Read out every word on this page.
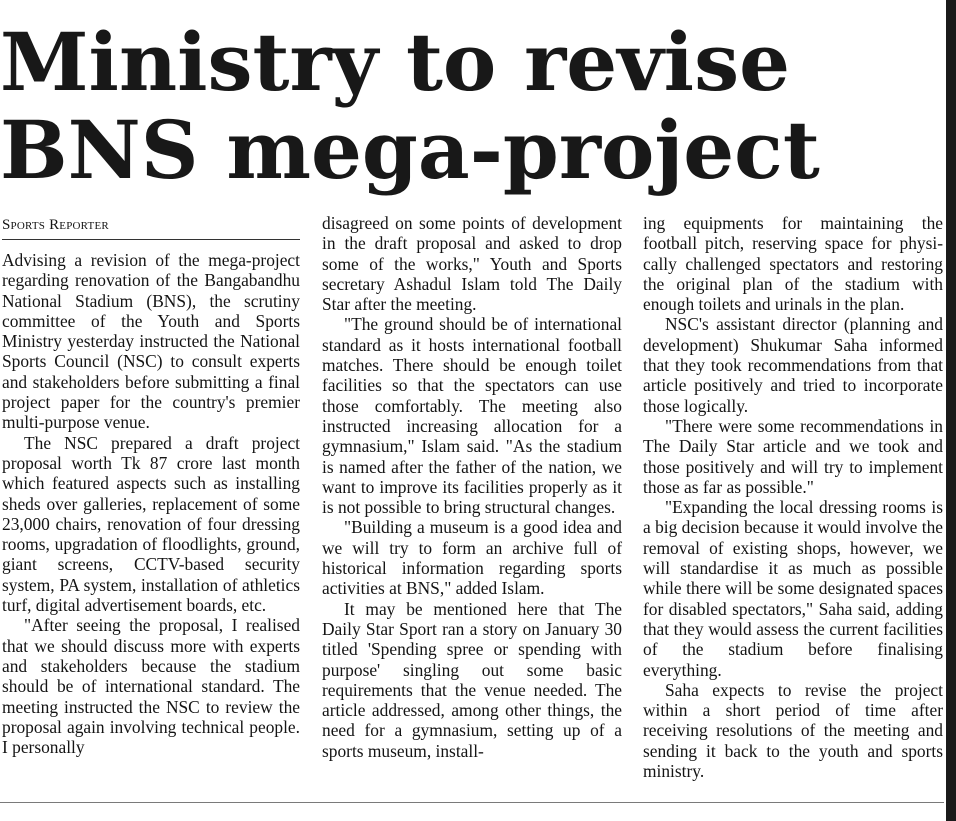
Ministry to revise
BNS mega-project
Sports Reporter

Advising a revision of the mega-project regarding renovation of the Bangabandhu National Stadium (BNS), the scrutiny committee of the Youth and Sports Ministry yesterday instructed the National Sports Council (NSC) to consult experts and stakeholders before submitting a final project paper for the country's premier multi-purpose venue.

The NSC prepared a draft project proposal worth Tk 87 crore last month which featured aspects such as installing sheds over galleries, replacement of some 23,000 chairs, renovation of four dressing rooms, upgradation of floodlights, ground, giant screens, CCTV-based security system, PA system, installation of athletics turf, digital advertisement boards, etc.

"After seeing the proposal, I realised that we should discuss more with experts and stakeholders because the stadium should be of international standard. The meeting instructed the NSC to review the proposal again involving technical people. I personally

disagreed on some points of development in the draft proposal and asked to drop some of the works," Youth and Sports secretary Ashadul Islam told The Daily Star after the meeting.

"The ground should be of international standard as it hosts international football matches. There should be enough toilet facilities so that the spectators can use those comfortably. The meeting also instructed increasing allocation for a gymnasium," Islam said. "As the stadium is named after the father of the nation, we want to improve its facilities properly as it is not possible to bring structural changes.

"Building a museum is a good idea and we will try to form an archive full of historical information regarding sports activities at BNS," added Islam.

It may be mentioned here that The Daily Star Sport ran a story on January 30 titled 'Spending spree or spending with purpose' singling out some basic requirements that the venue needed. The article addressed, among other things, the need for a gymnasium, setting up of a sports museum, install-

ing equipments for maintaining the football pitch, reserving space for physically challenged spectators and restoring the original plan of the stadium with enough toilets and urinals in the plan.

NSC's assistant director (planning and development) Shukumar Saha informed that they took recommendations from that article positively and tried to incorporate those logically.

"There were some recommendations in The Daily Star article and we took and those positively and will try to implement those as far as possible."

"Expanding the local dressing rooms is a big decision because it would involve the removal of existing shops, however, we will standardise it as much as possible while there will be some designated spaces for disabled spectators," Saha said, adding that they would assess the current facilities of the stadium before finalising everything.

Saha expects to revise the project within a short period of time after receiving resolutions of the meeting and sending it back to the youth and sports ministry.
